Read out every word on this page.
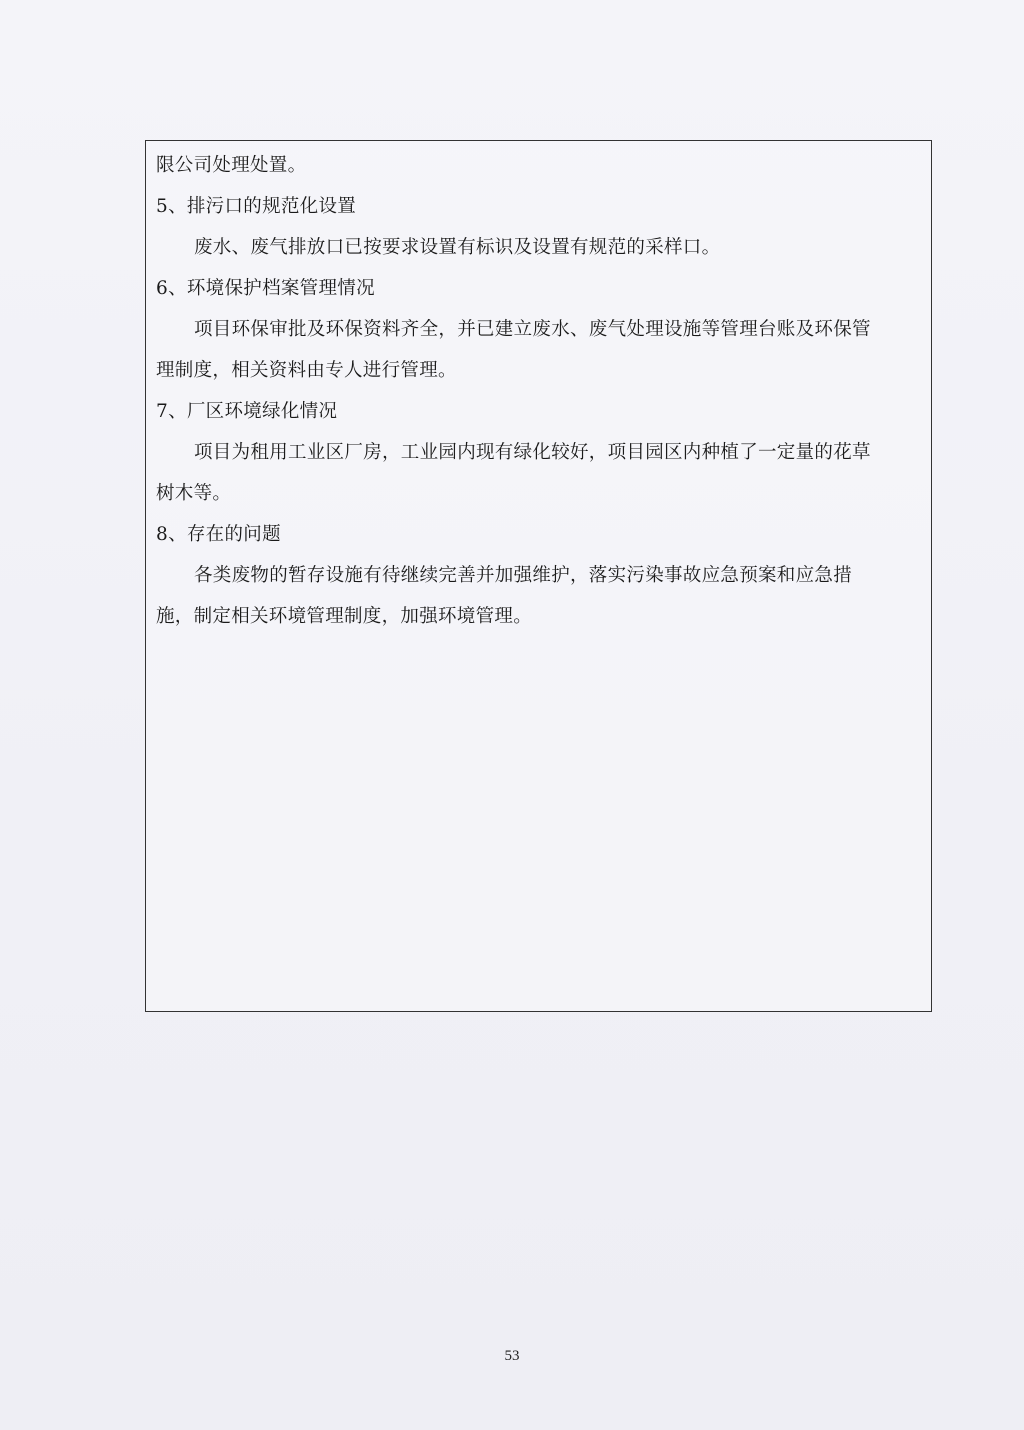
限公司处理处置。
5、排污口的规范化设置
废水、废气排放口已按要求设置有标识及设置有规范的采样口。
6、环境保护档案管理情况
项目环保审批及环保资料齐全，并已建立废水、废气处理设施等管理台账及环保管
理制度，相关资料由专人进行管理。
7、厂区环境绿化情况
项目为租用工业区厂房，工业园内现有绿化较好，项目园区内种植了一定量的花草
树木等。
8、存在的问题
各类废物的暂存设施有待继续完善并加强维护，落实污染事故应急预案和应急措
施，制定相关环境管理制度，加强环境管理。
53
